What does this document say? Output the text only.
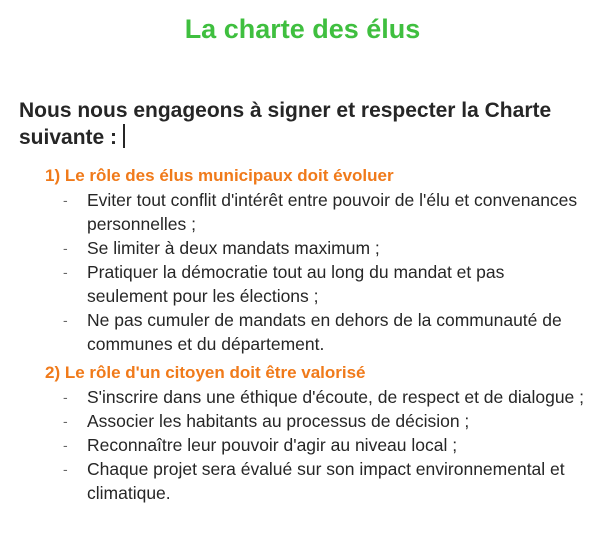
La charte des élus
Nous nous engageons à signer et respecter la Charte suivante :

1) Le rôle des élus municipaux doit évoluer

- Eviter tout conflit d'intérêt entre pouvoir de l'élu et convenances personnelles ;
- Se limiter à deux mandats maximum ;
- Pratiquer la démocratie tout au long du mandat et pas seulement pour les élections ;
- Ne pas cumuler de mandats en dehors de la communauté de communes et du département.

2) Le rôle d'un citoyen doit être valorisé

- S'inscrire dans une éthique d'écoute, de respect et de dialogue ;
- Associer les habitants au processus de décision ;
- Reconnaître leur pouvoir d'agir au niveau local ;
- Chaque projet sera évalué sur son impact environnemental et climatique.
